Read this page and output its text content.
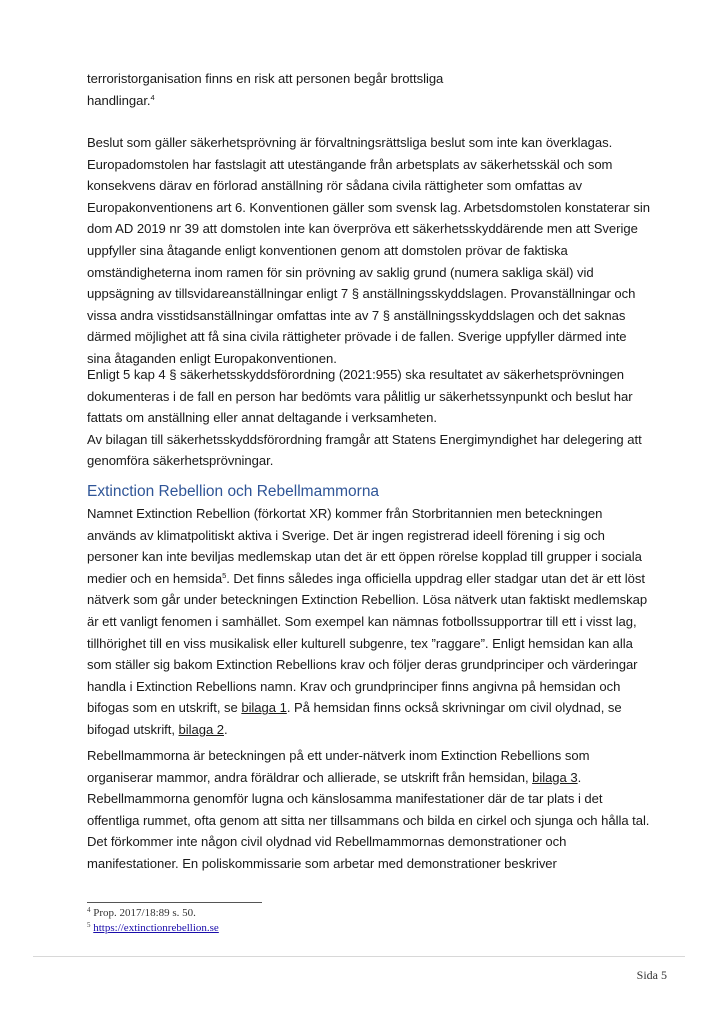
terroristorganisation finns en risk att personen begår brottsliga
handlingar.$^4$
Beslut som gäller säkerhetsprövning är förvaltningsrättsliga beslut som inte kan överklagas.
Europadomstolen har fastslagit att utestängande från arbetsplats av säkerhetsskäl och som
konsekvens därav en förlorad anställning rör sådana civila rättigheter som omfattas av
Europakonventionens art 6. Konventionen gäller som svensk lag. Arbetsdomstolen konstaterar sin
dom AD 2019 nr 39 att domstolen inte kan överpröva ett säkerhetsskyddärende men att Sverige
uppfyller sina åtagande enligt konventionen genom att domstolen prövar de faktiska
omständigheterna inom ramen för sin prövning av saklig grund (numera sakliga skäl) vid
uppsägning av tillsvidareanställningar enligt 7 § anställningsskyddslagen. Provanställningar och
vissa andra visstidsanställningar omfattas inte av 7 § anställningsskyddslagen och det saknas
därmed möjlighet att få sina civila rättigheter prövade i de fallen. Sverige uppfyller därmed inte
sina åtaganden enligt Europakonventionen.
Enligt 5 kap 4 § säkerhetsskyddsförordning (2021:955) ska resultatet av säkerhetsprövningen
dokumenteras i de fall en person har bedömts vara pålitlig ur säkerhetssynpunkt och beslut har
fattats om anställning eller annat deltagande i verksamheten.
Av bilagan till säkerhetsskyddsförordning framgår att Statens Energimyndighet har delegering att
genomföra säkerhetsprövningar.
Extinction Rebellion och Rebellmammorna
Namnet Extinction Rebellion (förkortat XR) kommer från Storbritannien men beteckningen
används av klimatpolitiskt aktiva i Sverige. Det är ingen registrerad ideell förening i sig och
personer kan inte beviljas medlemskap utan det är ett öppen rörelse kopplad till grupper i sociala
medier och en hemsida$^5$. Det finns således inga officiella uppdrag eller stadgar utan det är ett löst
nätverk som går under beteckningen Extinction Rebellion. Lösa nätverk utan faktiskt medlemskap
är ett vanligt fenomen i samhället. Som exempel kan nämnas fotbollssupportrar till ett i visst lag,
tillhörighet till en viss musikalisk eller kulturell subgenre, tex ”raggare”. Enligt hemsidan kan alla
som ställer sig bakom Extinction Rebellions krav och följer deras grundprinciper och värderingar
handla i Extinction Rebellions namn. Krav och grundprinciper finns angivna på hemsidan och
bifogas som en utskrift, se bilaga 1. På hemsidan finns också skrivningar om civil olydnad, se
bifogad utskrift, bilaga 2.
Rebellmammorna är beteckningen på ett under-nätverk inom Extinction Rebellions som
organiserar mammor, andra föräldrar och allierade, se utskrift från hemsidan, bilaga 3.
Rebellmammorna genomför lugna och känslosamma manifestationer där de tar plats i det
offentliga rummet, ofta genom att sitta ner tillsammans och bilda en cirkel och sjunga och hålla tal.
Det förkommer inte någon civil olydnad vid Rebellmammornas demonstrationer och
manifestationer. En poliskommissarie som arbetar med demonstrationer beskriver
$^4$ Prop. 2017/18:89 s. 50.
$^5$ https://extinctionrebellion.se
Sida 5
